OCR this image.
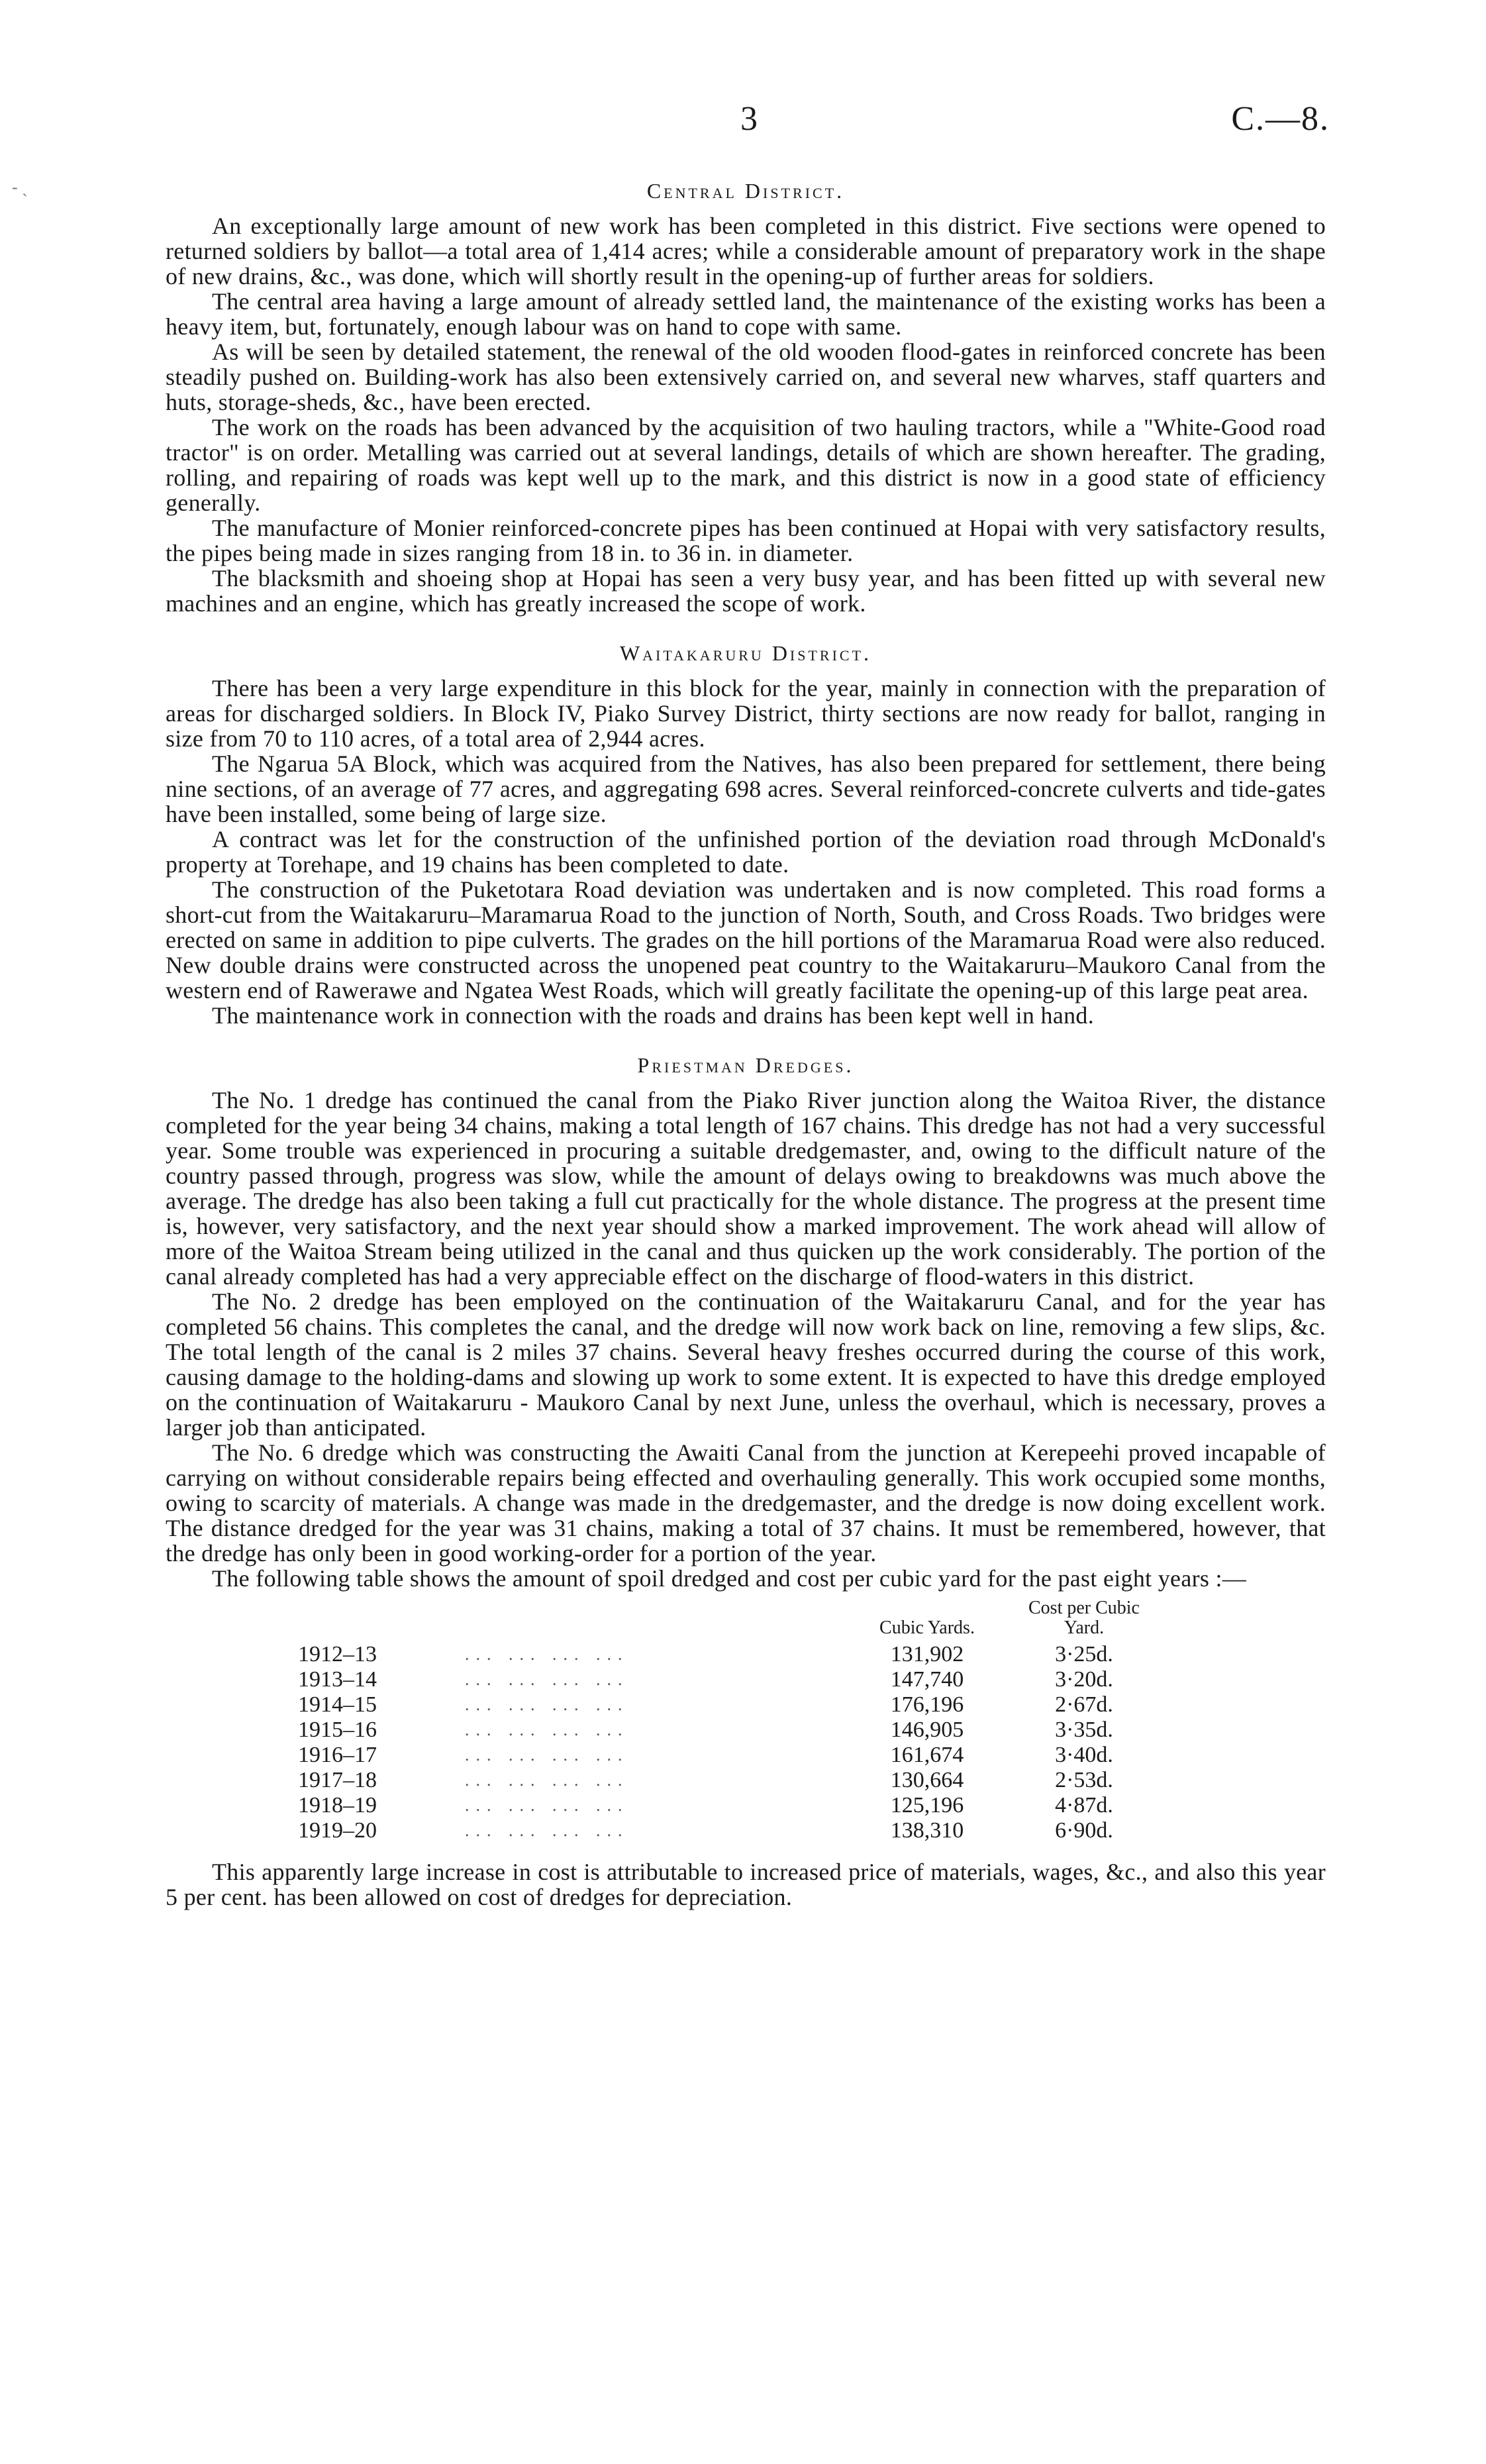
- ˎ
3	C.—8.
Central District.

An exceptionally large amount of new work has been completed in this district. Five sections were opened to returned soldiers by ballot—a total area of 1,414 acres; while a considerable amount of preparatory work in the shape of new drains, &c., was done, which will shortly result in the opening-up of further areas for soldiers.

The central area having a large amount of already settled land, the maintenance of the existing works has been a heavy item, but, fortunately, enough labour was on hand to cope with same.

As will be seen by detailed statement, the renewal of the old wooden flood-gates in reinforced concrete has been steadily pushed on. Building-work has also been extensively carried on, and several new wharves, staff quarters and huts, storage-sheds, &c., have been erected.

The work on the roads has been advanced by the acquisition of two hauling tractors, while a "White-Good road tractor" is on order. Metalling was carried out at several landings, details of which are shown hereafter. The grading, rolling, and repairing of roads was kept well up to the mark, and this district is now in a good state of efficiency generally.

The manufacture of Monier reinforced-concrete pipes has been continued at Hopai with very satisfactory results, the pipes being made in sizes ranging from 18 in. to 36 in. in diameter.

The blacksmith and shoeing shop at Hopai has seen a very busy year, and has been fitted up with several new machines and an engine, which has greatly increased the scope of work.

Waitakaruru District.

There has been a very large expenditure in this block for the year, mainly in connection with the preparation of areas for discharged soldiers. In Block IV, Piako Survey District, thirty sections are now ready for ballot, ranging in size from 70 to 110 acres, of a total area of 2,944 acres.

The Ngarua 5A Block, which was acquired from the Natives, has also been prepared for settlement, there being nine sections, of an average of 77 acres, and aggregating 698 acres. Several reinforced-concrete culverts and tide-gates have been installed, some being of large size.

A contract was let for the construction of the unfinished portion of the deviation road through McDonald's property at Torehape, and 19 chains has been completed to date.

The construction of the Puketotara Road deviation was undertaken and is now completed. This road forms a short-cut from the Waitakaruru–Maramarua Road to the junction of North, South, and Cross Roads. Two bridges were erected on same in addition to pipe culverts. The grades on the hill portions of the Maramarua Road were also reduced. New double drains were constructed across the unopened peat country to the Waitakaruru–Maukoro Canal from the western end of Rawerawe and Ngatea West Roads, which will greatly facilitate the opening-up of this large peat area.

The maintenance work in connection with the roads and drains has been kept well in hand.

Priestman Dredges.

The No. 1 dredge has continued the canal from the Piako River junction along the Waitoa River, the distance completed for the year being 34 chains, making a total length of 167 chains. This dredge has not had a very successful year. Some trouble was experienced in procuring a suitable dredgemaster, and, owing to the difficult nature of the country passed through, progress was slow, while the amount of delays owing to breakdowns was much above the average. The dredge has also been taking a full cut practically for the whole distance. The progress at the present time is, however, very satisfactory, and the next year should show a marked improvement. The work ahead will allow of more of the Waitoa Stream being utilized in the canal and thus quicken up the work considerably. The portion of the canal already completed has had a very appreciable effect on the discharge of flood-waters in this district.

The No. 2 dredge has been employed on the continuation of the Waitakaruru Canal, and for the year has completed 56 chains. This completes the canal, and the dredge will now work back on line, removing a few slips, &c. The total length of the canal is 2 miles 37 chains. Several heavy freshes occurred during the course of this work, causing damage to the holding-dams and slowing up work to some extent. It is expected to have this dredge employed on the continuation of Waitakaruru - Maukoro Canal by next June, unless the overhaul, which is necessary, proves a larger job than anticipated.

The No. 6 dredge which was constructing the Awaiti Canal from the junction at Kerepeehi proved incapable of carrying on without considerable repairs being effected and overhauling generally. This work occupied some months, owing to scarcity of materials. A change was made in the dredgemaster, and the dredge is now doing excellent work. The distance dredged for the year was 31 chains, making a total of 37 chains. It must be remembered, however, that the dredge has only been in good working-order for a portion of the year.

The following table shows the amount of spoil dredged and cost per cubic yard for the past eight years :—

		Cubic Yards.	Cost per Cubic Yard.
1912–13	... ... ... ...	131,902	3·25d.
1913–14	... ... ... ...	147,740	3·20d.
1914–15	... ... ... ...	176,196	2·67d.
1915–16	... ... ... ...	146,905	3·35d.
1916–17	... ... ... ...	161,674	3·40d.
1917–18	... ... ... ...	130,664	2·53d.
1918–19	... ... ... ...	125,196	4·87d.
1919–20	... ... ... ...	138,310	6·90d.

This apparently large increase in cost is attributable to increased price of materials, wages, &c., and also this year 5 per cent. has been allowed on cost of dredges for depreciation.
